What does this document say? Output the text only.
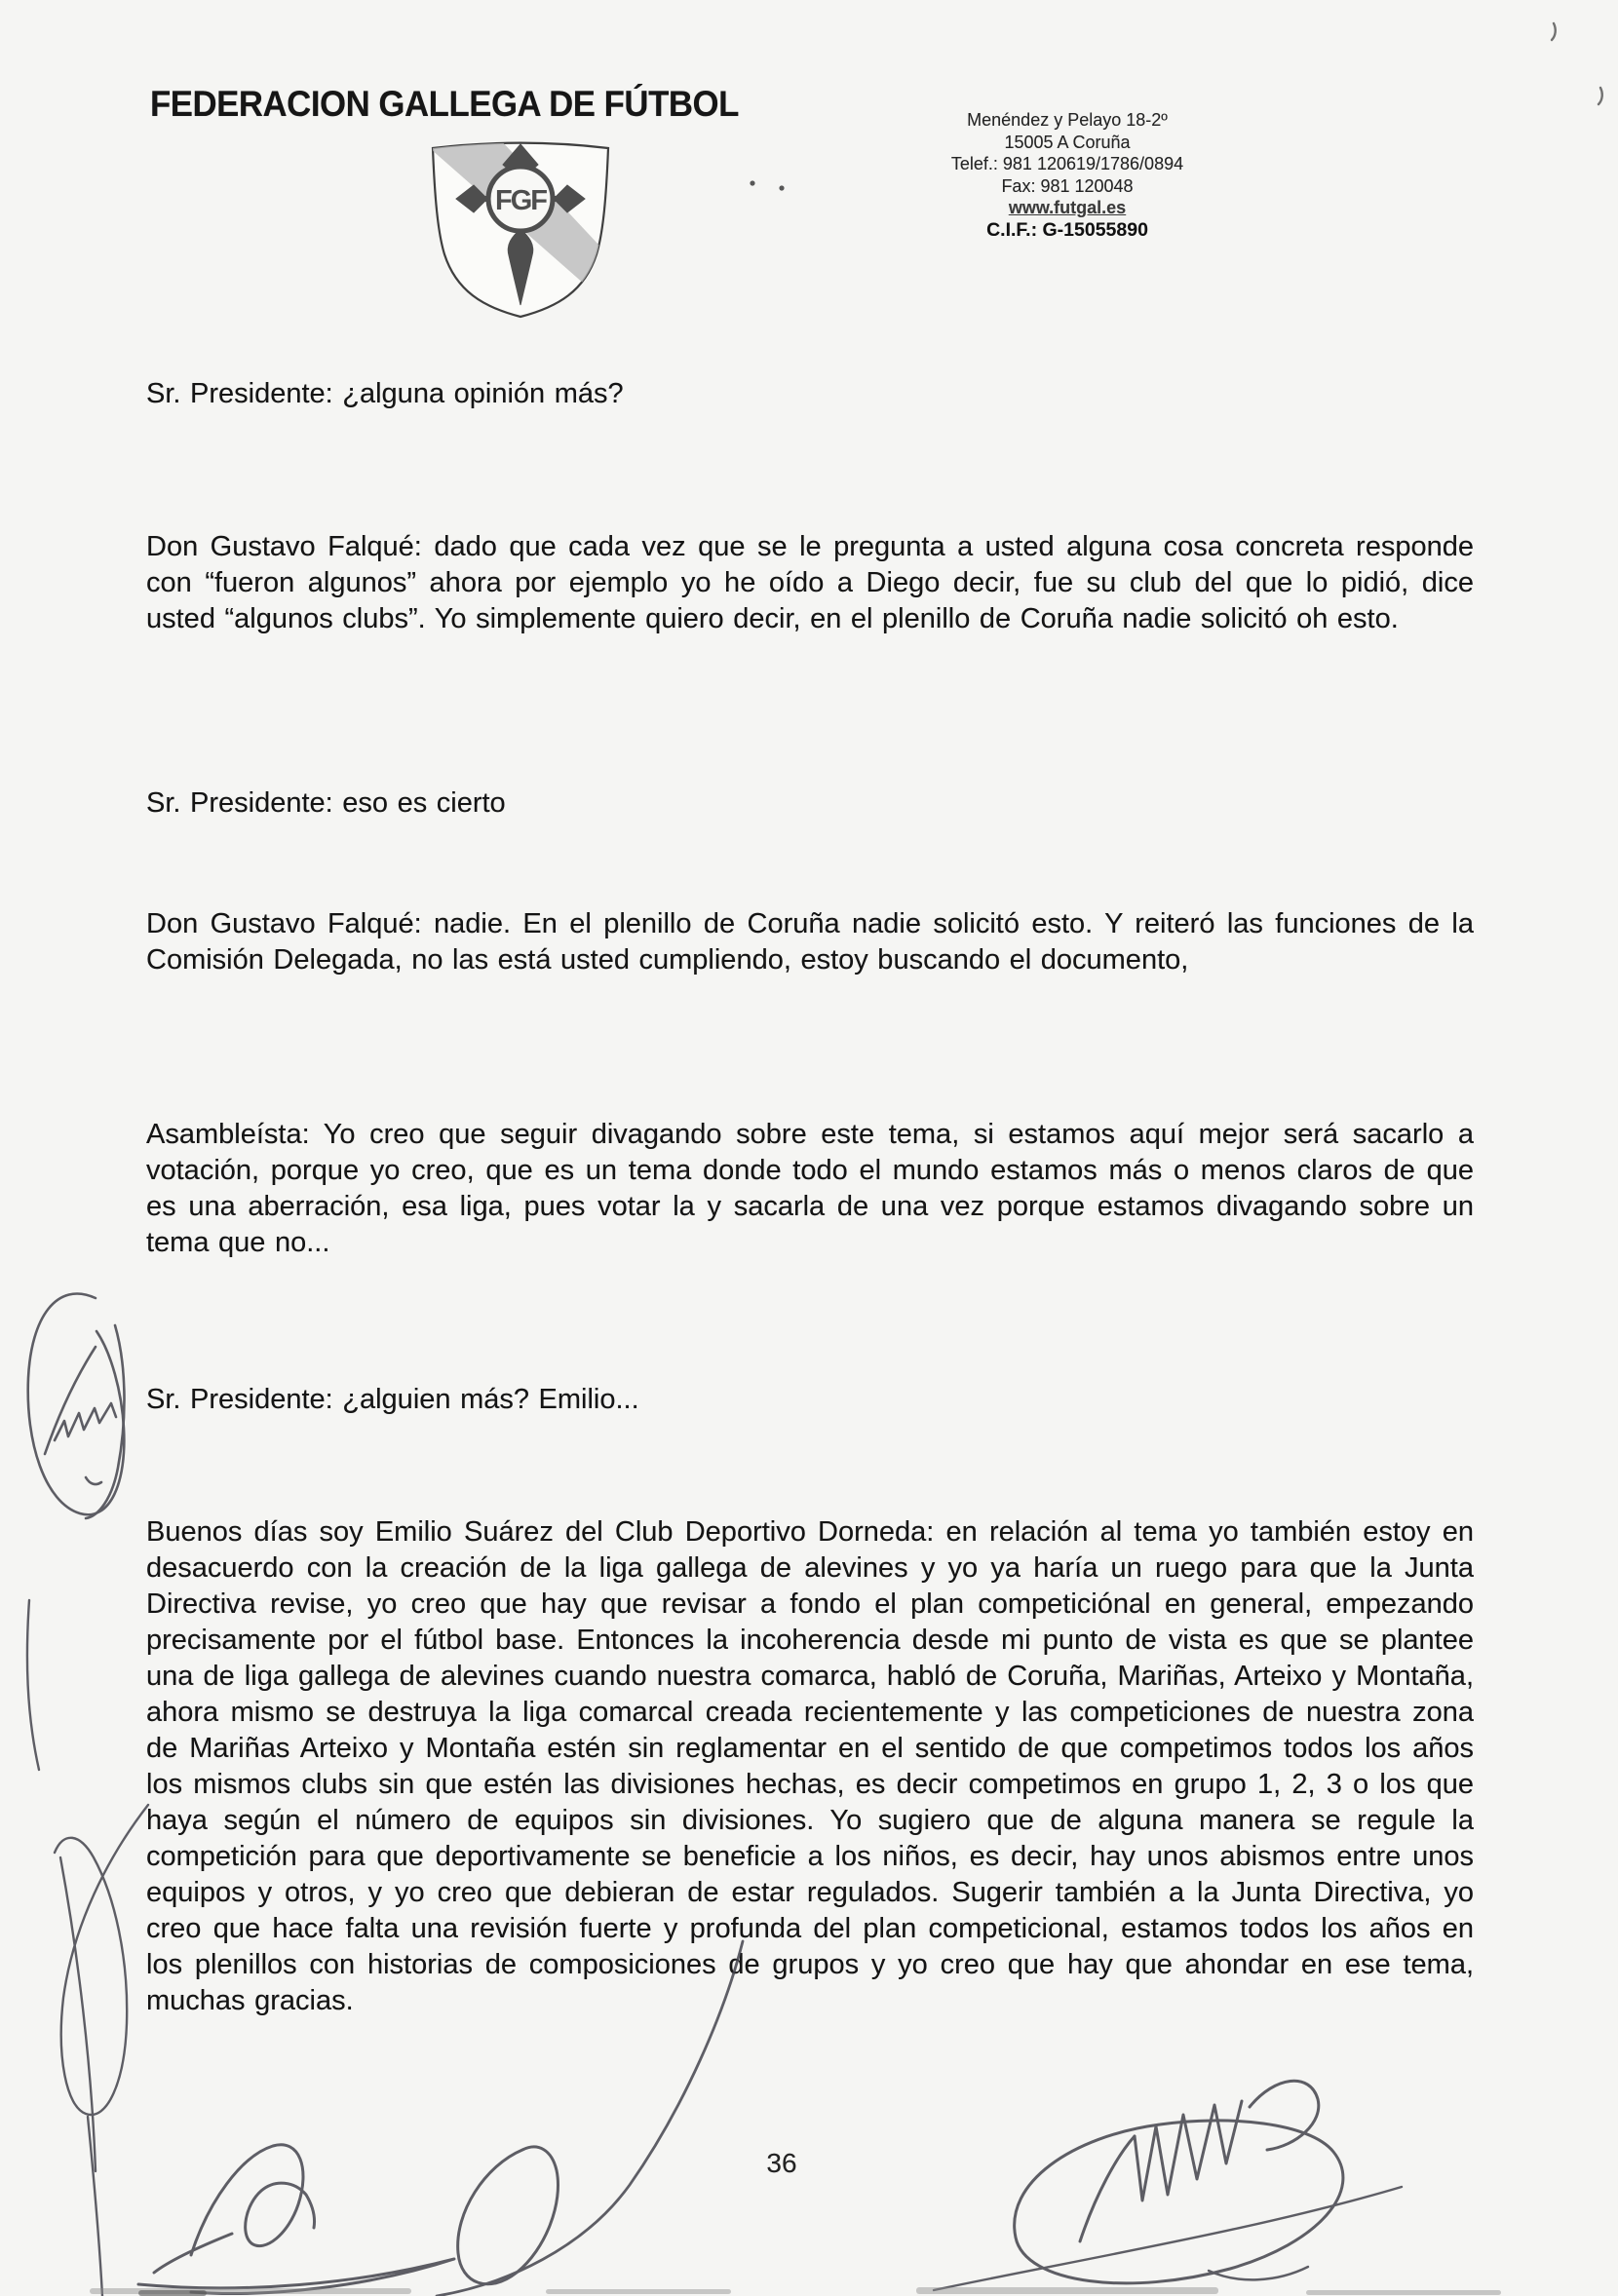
FEDERACION GALLEGA DE FÚTBOL
FGF
Menéndez y Pelayo 18-2º
15005 A Coruña
Telef.: 981 120619/1786/0894
Fax: 981 120048
www.futgal.es
C.I.F.: G-15055890

Sr. Presidente: ¿alguna opinión más?

Don Gustavo Falqué: dado que cada vez que se le pregunta a usted alguna cosa concreta responde con “fueron algunos” ahora por ejemplo yo he oído a Diego decir, fue su club del que lo pidió, dice usted “algunos clubs”. Yo simplemente quiero decir, en el plenillo de Coruña nadie solicitó oh esto.

Sr. Presidente: eso es cierto

Don Gustavo Falqué: nadie. En el plenillo de Coruña nadie solicitó esto. Y reiteró las funciones de la Comisión Delegada, no las está usted cumpliendo, estoy buscando el documento,

Asambleísta: Yo creo que seguir divagando sobre este tema, si estamos aquí mejor será sacarlo a votación, porque yo creo, que es un tema donde todo el mundo estamos más o menos claros de que es una aberración, esa liga, pues votar la y sacarla de una vez porque estamos divagando sobre un tema que no...

Sr. Presidente: ¿alguien más? Emilio...

Buenos días soy Emilio Suárez del Club Deportivo Dorneda: en relación al tema yo también estoy en desacuerdo con la creación de la liga gallega de alevines y yo ya haría un ruego para que la Junta Directiva revise, yo creo que hay que revisar a fondo el plan competiciónal en general, empezando precisamente por el fútbol base. Entonces la incoherencia desde mi punto de vista es que se plantee una de liga gallega de alevines cuando nuestra comarca, habló de Coruña, Mariñas, Arteixo y Montaña, ahora mismo se destruya la liga comarcal creada recientemente y las competiciones de nuestra zona de Mariñas Arteixo y Montaña estén sin reglamentar en el sentido de que competimos todos los años los mismos clubs sin que estén las divisiones hechas, es decir competimos en grupo 1, 2, 3 o los que haya según el número de equipos sin divisiones. Yo sugiero que de alguna manera se regule la competición para que deportivamente se beneficie a los niños, es decir, hay unos abismos entre unos equipos y otros, y yo creo que debieran de estar regulados. Sugerir también a la Junta Directiva, yo creo que hace falta una revisión fuerte y profunda del plan competicional, estamos todos los años en los plenillos con historias de composiciones de grupos y yo creo que hay que ahondar en ese tema, muchas gracias.

36
